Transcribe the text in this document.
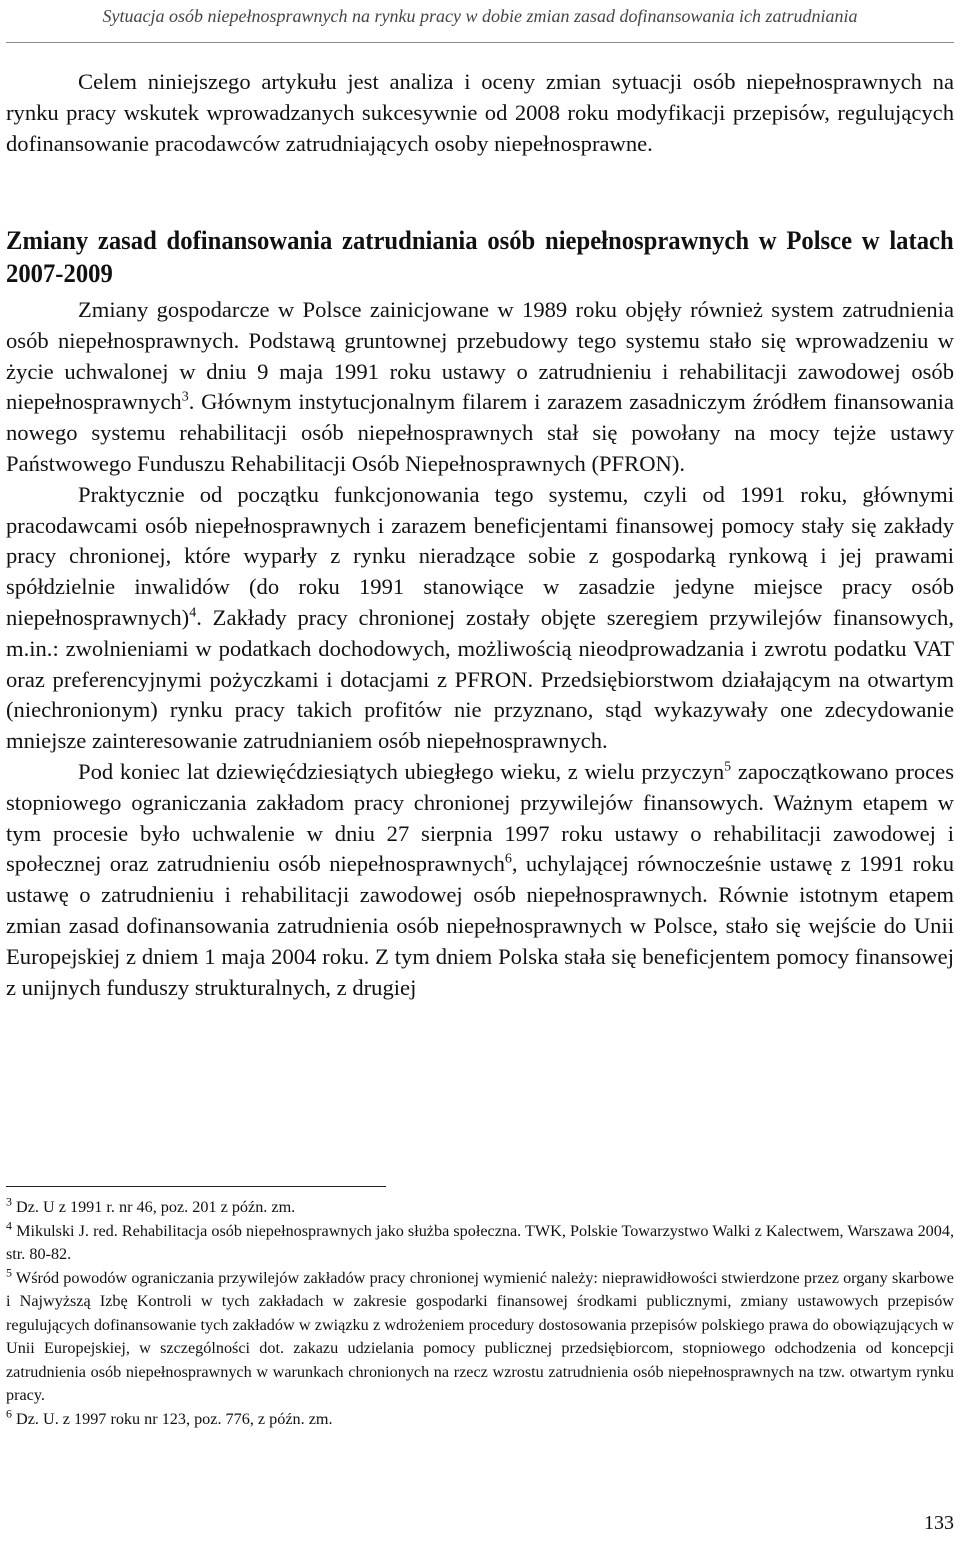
Sytuacja osób niepełnosprawnych na rynku pracy w dobie zmian zasad dofinansowania ich zatrudniania

Celem niniejszego artykułu jest analiza i oceny zmian sytuacji osób niepełnosprawnych na rynku pracy wskutek wprowadzanych sukcesywnie od 2008 roku modyfikacji przepisów, regulujących dofinansowanie pracodawców zatrudniających osoby niepełnosprawne.

Zmiany zasad dofinansowania zatrudniania osób niepełnosprawnych w Polsce w latach 2007-2009

Zmiany gospodarcze w Polsce zainicjowane w 1989 roku objęły również system zatrudnienia osób niepełnosprawnych. Podstawą gruntownej przebudowy tego systemu stało się wprowadzeniu w życie uchwalonej w dniu 9 maja 1991 roku ustawy o zatrudnieniu i rehabilitacji zawodowej osób niepełnosprawnych$^3$. Głównym instytucjonalnym filarem i zarazem zasadniczym źródłem finansowania nowego systemu rehabilitacji osób niepełnosprawnych stał się powołany na mocy tejże ustawy Państwowego Funduszu Rehabilitacji Osób Niepełnosprawnych (PFRON).

Praktycznie od początku funkcjonowania tego systemu, czyli od 1991 roku, głównymi pracodawcami osób niepełnosprawnych i zarazem beneficjentami finansowej pomocy stały się zakłady pracy chronionej, które wyparły z rynku nieradzące sobie z gospodarką rynkową i jej prawami spółdzielnie inwalidów (do roku 1991 stanowiące w zasadzie jedyne miejsce pracy osób niepełnosprawnych)$^4$. Zakłady pracy chronionej zostały objęte szeregiem przywilejów finansowych, m.in.: zwolnieniami w podatkach dochodowych, możliwością nieodprowadzania i zwrotu podatku VAT oraz preferencyjnymi pożyczkami i dotacjami z PFRON. Przedsiębiorstwom działającym na otwartym (niechronionym) rynku pracy takich profitów nie przyznano, stąd wykazywały one zdecydowanie mniejsze zainteresowanie zatrudnianiem osób niepełnosprawnych.

Pod koniec lat dziewięćdziesiątych ubiegłego wieku, z wielu przyczyn$^5$ zapoczątkowano proces stopniowego ograniczania zakładom pracy chronionej przywilejów finansowych. Ważnym etapem w tym procesie było uchwalenie w dniu 27 sierpnia 1997 roku ustawy o rehabilitacji zawodowej i społecznej oraz zatrudnieniu osób niepełnosprawnych$^6$, uchylającej równocześnie ustawę z 1991 roku ustawę o zatrudnieniu i rehabilitacji zawodowej osób niepełnosprawnych. Równie istotnym etapem zmian zasad dofinansowania zatrudnienia osób niepełnosprawnych w Polsce, stało się wejście do Unii Europejskiej z dniem 1 maja 2004 roku. Z tym dniem Polska stała się beneficjentem pomocy finansowej z unijnych funduszy strukturalnych, z drugiej

$^3$ Dz. U z 1991 r. nr 46, poz. 201 z późn. zm.

$^4$ Mikulski J. red. Rehabilitacja osób niepełnosprawnych jako służba społeczna. TWK, Polskie Towarzystwo Walki z Kalectwem, Warszawa 2004, str. 80-82.

$^5$ Wśród powodów ograniczania przywilejów zakładów pracy chronionej wymienić należy: nieprawidłowości stwierdzone przez organy skarbowe i Najwyższą Izbę Kontroli w tych zakładach w zakresie gospodarki finansowej środkami publicznymi, zmiany ustawowych przepisów regulujących dofinansowanie tych zakładów w związku z wdrożeniem procedury dostosowania przepisów polskiego prawa do obowiązujących w Unii Europejskiej, w szczególności dot. zakazu udzielania pomocy publicznej przedsiębiorcom, stopniowego odchodzenia od koncepcji zatrudnienia osób niepełnosprawnych w warunkach chronionych na rzecz wzrostu zatrudnienia osób niepełnosprawnych na tzw. otwartym rynku pracy.

$^6$ Dz. U. z 1997 roku nr 123, poz. 776, z późn. zm.

133
